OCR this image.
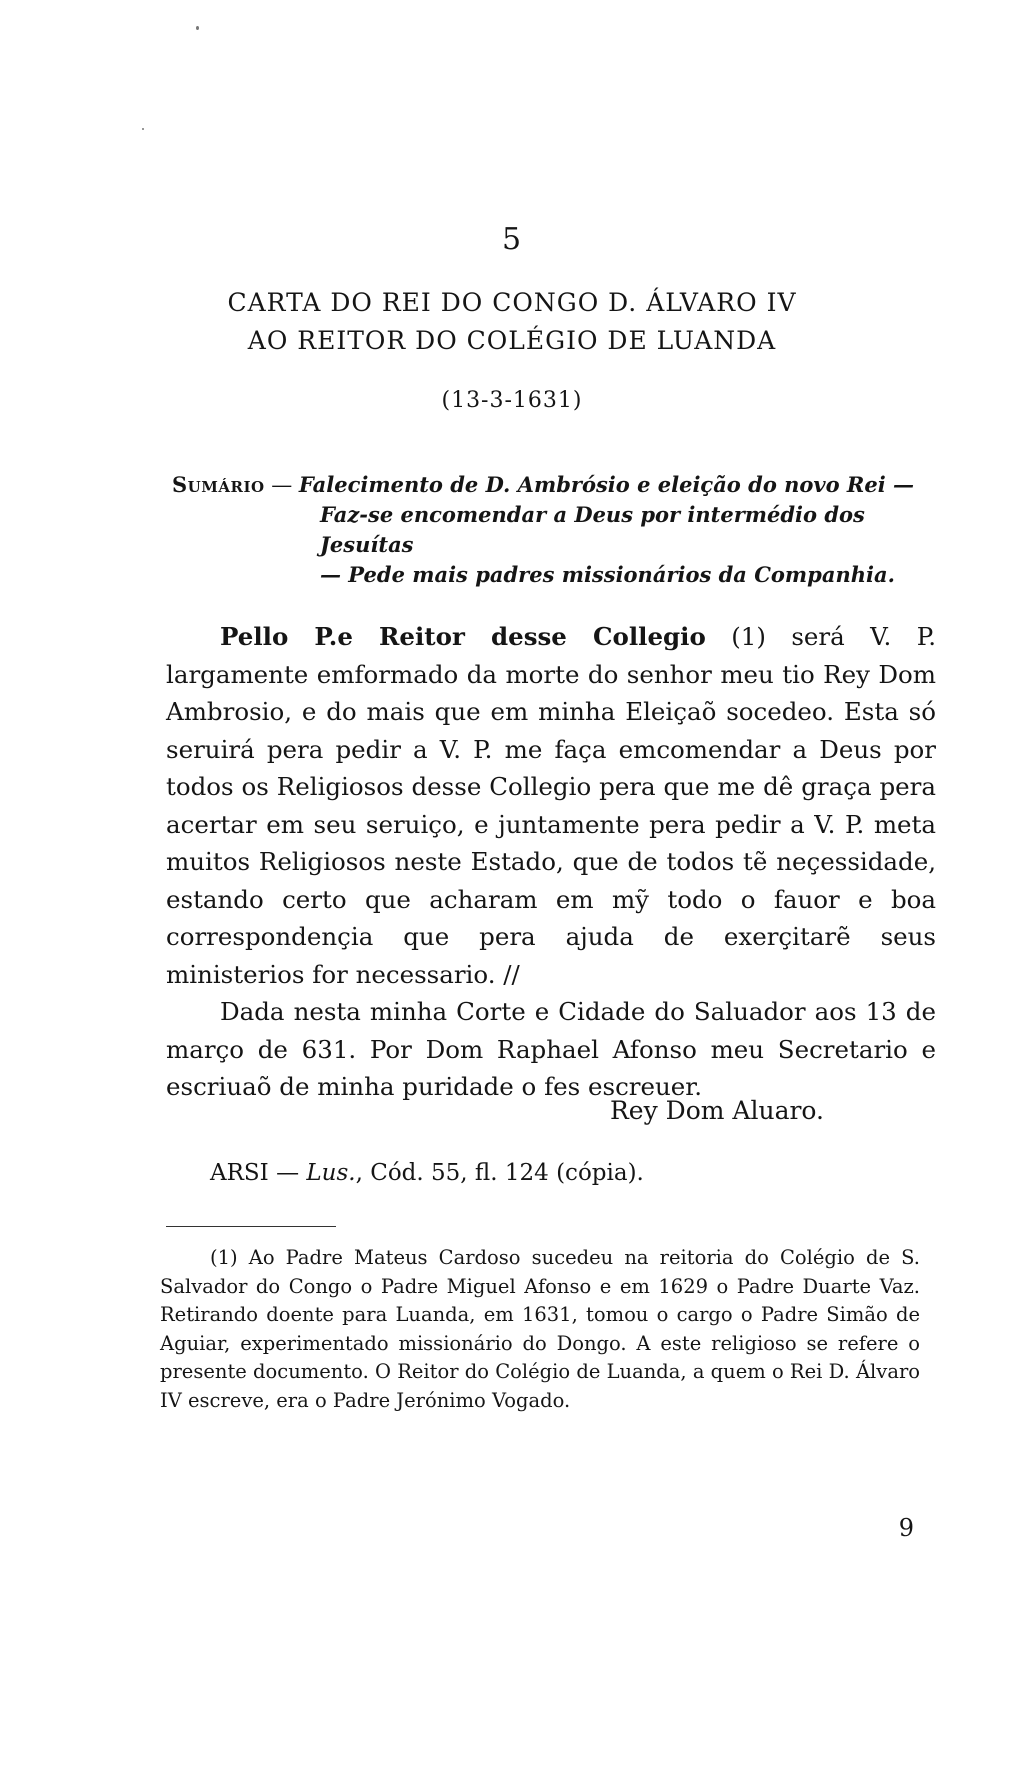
5
CARTA DO REI DO CONGO D. ÁLVARO IV
AO REITOR DO COLÉGIO DE LUANDA
(13-3-1631)
Sumário — Falecimento de D. Ambrósio e eleição do novo Rei —
Faz-se encomendar a Deus por intermédio dos Jesuítas
— Pede mais padres missionários da Companhia.

Pello P.e Reitor desse Collegio (1) será V. P. largamente emformado da morte do senhor meu tio Rey Dom Ambrosio, e do mais que em minha Eleiçaõ socedeo. Esta só seruirá pera pedir a V. P. me faça emcomendar a Deus por todos os Religiosos desse Collegio pera que me dê graça pera acertar em seu seruiço, e juntamente pera pedir a V. P. meta muitos Religiosos neste Estado, que de todos tẽ neçessidade, estando certo que acharam em mỹ todo o fauor e boa correspondençia que pera ajuda de exerçitarẽ seus ministerios for necessario. //

Dada nesta minha Corte e Cidade do Saluador aos 13 de março de 631. Por Dom Raphael Afonso meu Secretario e escriuaõ de minha puridade o fes escreuer.

Rey Dom Aluaro.
ARSI — Lus., Cód. 55, fl. 124 (cópia).
(1) Ao Padre Mateus Cardoso sucedeu na reitoria do Colégio de S. Salvador do Congo o Padre Miguel Afonso e em 1629 o Padre Duarte Vaz. Retirando doente para Luanda, em 1631, tomou o cargo o Padre Simão de Aguiar, experimentado missionário do Dongo. A este religioso se refere o presente documento. O Reitor do Colégio de Luanda, a quem o Rei D. Álvaro IV escreve, era o Padre Jerónimo Vogado.
9
